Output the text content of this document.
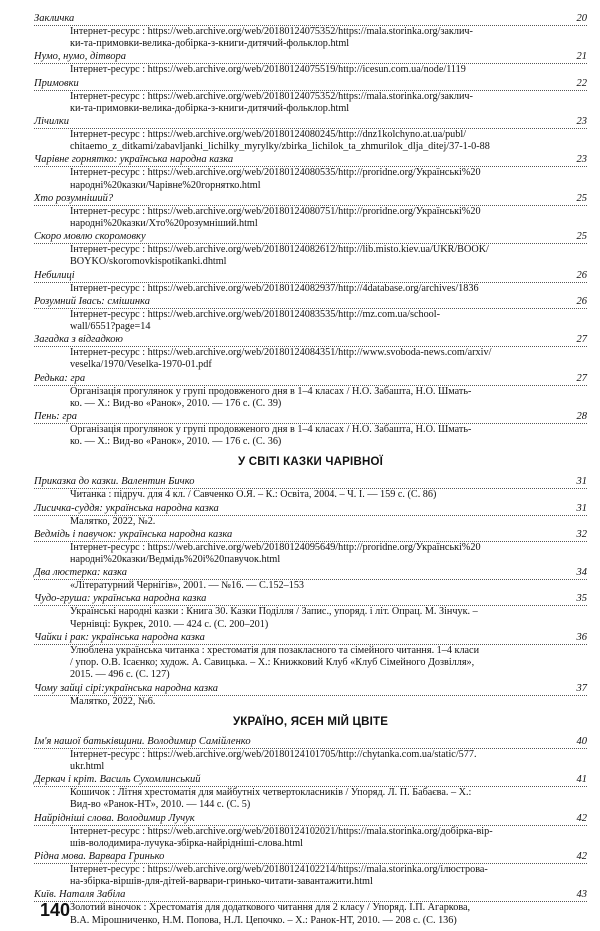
Закличка	20
Інтернет-ресурс : https://web.archive.org/web/20180124075352/https://mala.storinka.org/заклич-
ки-та-примовки-велика-добірка-з-книги-дитячий-фольклор.html
Нумо, нумо, дітвора	21
Інтернет-ресурс : https://web.archive.org/web/20180124075519/http://icesun.com.ua/node/1119
Примовки	22
Інтернет-ресурс : https://web.archive.org/web/20180124075352/https://mala.storinka.org/заклич-
ки-та-примовки-велика-добірка-з-книги-дитячий-фольклор.html
Лічилки	23
Інтернет-ресурс : https://web.archive.org/web/20180124080245/http://dnz1kolchyno.at.ua/publ/
chitaemo_z_ditkami/zabavljanki_lichilky_myrylky/zbirka_lichilok_ta_zhmurilok_dlja_ditej/37-1-0-88
Чарівне горнятко: українська народна казка	23
Інтернет-ресурс : https://web.archive.org/web/20180124080535/http://proridne.org/Українські%20
народні%20казки/Чарівне%20горнятко.html
Хто розумніший?	25
Інтернет-ресурс : https://web.archive.org/web/20180124080751/http://proridne.org/Українські%20
народні%20казки/Хто%20розумніший.html
Скоро мовлю скоромовку	25
Інтернет-ресурс : https://web.archive.org/web/20180124082612/http://lib.misto.kiev.ua/UKR/BOOK/
BOYKO/skoromovkispotikanki.dhtml
Небилиці	26
Інтернет-ресурс : https://web.archive.org/web/20180124082937/http://4database.org/archives/1836
Розумний Івась: смішинка	26
Інтернет-ресурс : https://web.archive.org/web/20180124083535/http://mz.com.ua/school-
wall/6551?page=14
Загадка з відгадкою	27
Інтернет-ресурс : https://web.archive.org/web/20180124084351/http://www.svoboda-news.com/arxiv/
veselka/1970/Veselka-1970-01.pdf
Редька: гра	27
Організація прогулянок у групі продовженого дня в 1–4 класах / Н.О. Забашта, Н.О. Шмать-
ко. — Х.: Вид-во «Ранок», 2010. — 176 с. (С. 39)
Пень: гра	28
Організація прогулянок у групі продовженого дня в 1–4 класах / Н.О. Забашта, Н.О. Шмать-
ко. — Х.: Вид-во «Ранок», 2010. — 176 с. (С. 36)
У СВІТІ КАЗКИ ЧАРІВНОЇ
Приказка до казки. Валентин Бичко	31
Читанка : підруч. для 4 кл. / Савченко О.Я. – К.: Освіта, 2004. – Ч. І. — 159 с. (С. 86)
Лисичка-суддя: українська народна казка	31
Малятко, 2022, №2.
Ведмідь і павучок: українська народна казка	32
Інтернет-ресурс : https://web.archive.org/web/20180124095649/http://proridne.org/Українські%20
народні%20казки/Ведмідь%20і%20павучок.html
Два люстерка: казка	34
«Літературний Чернігів», 2001. — №16. — С.152–153
Чудо-груша: українська народна казка	35
Українські народні казки : Книга 30. Казки Поділля / Запис., упоряд. і літ. Опрац. М. Зінчук. –
Чернівці: Букрек, 2010. — 424 с. (С. 200–201)
Чайки і рак: українська народна казка	36
Улюблена українська читанка : хрестоматія для позакласного та сімейного читання. 1–4 класи
/ упор. О.В. Ісаєнко; худож. А. Савицька. – Х.: Книжковий Клуб «Клуб Сімейного Дозвілля»,
2015. — 496 с. (С. 127)
Чому зайці сірі:українська народна казка	37
Малятко, 2022, №6.
УКРАЇНО, ЯСЕН МІЙ ЦВІТЕ
Ім'я нашої батьківщини. Володимир Самійленко	40
Інтернет-ресурс : https://web.archive.org/web/20180124101705/http://chytanka.com.ua/static/577.
ukr.html
Деркач і кріт. Василь Сухомлинський	41
Кошичок : Літня хрестоматія для майбутніх четвертокласників / Упоряд. Л. П. Бабаєва. – Х.:
Вид-во «Ранок-НТ», 2010. — 144 с. (С. 5)
Найрідніші слова. Володимир Лучук	42
Інтернет-ресурс : https://web.archive.org/web/20180124102021/https://mala.storinka.org/добірка-вір-
шів-володимира-лучука-збірка-найрідніші-слова.html
Рідна мова. Варвара Гринько	42
Інтернет-ресурс : https://web.archive.org/web/20180124102214/https://mala.storinka.org/ілюстрова-
на-збірка-віршів-для-дітей-варвари-гринько-читати-завантажити.html
Київ. Наталя Забіла	43
Золотий віночок : Хрестоматія для додаткового читання для 2 класу / Упоряд. І.П. Агаркова,
В.А. Мірошниченко, Н.М. Попова, Н.Л. Цепочко. – Х.: Ранок-НТ, 2010. — 208 с. (С. 136)
140
